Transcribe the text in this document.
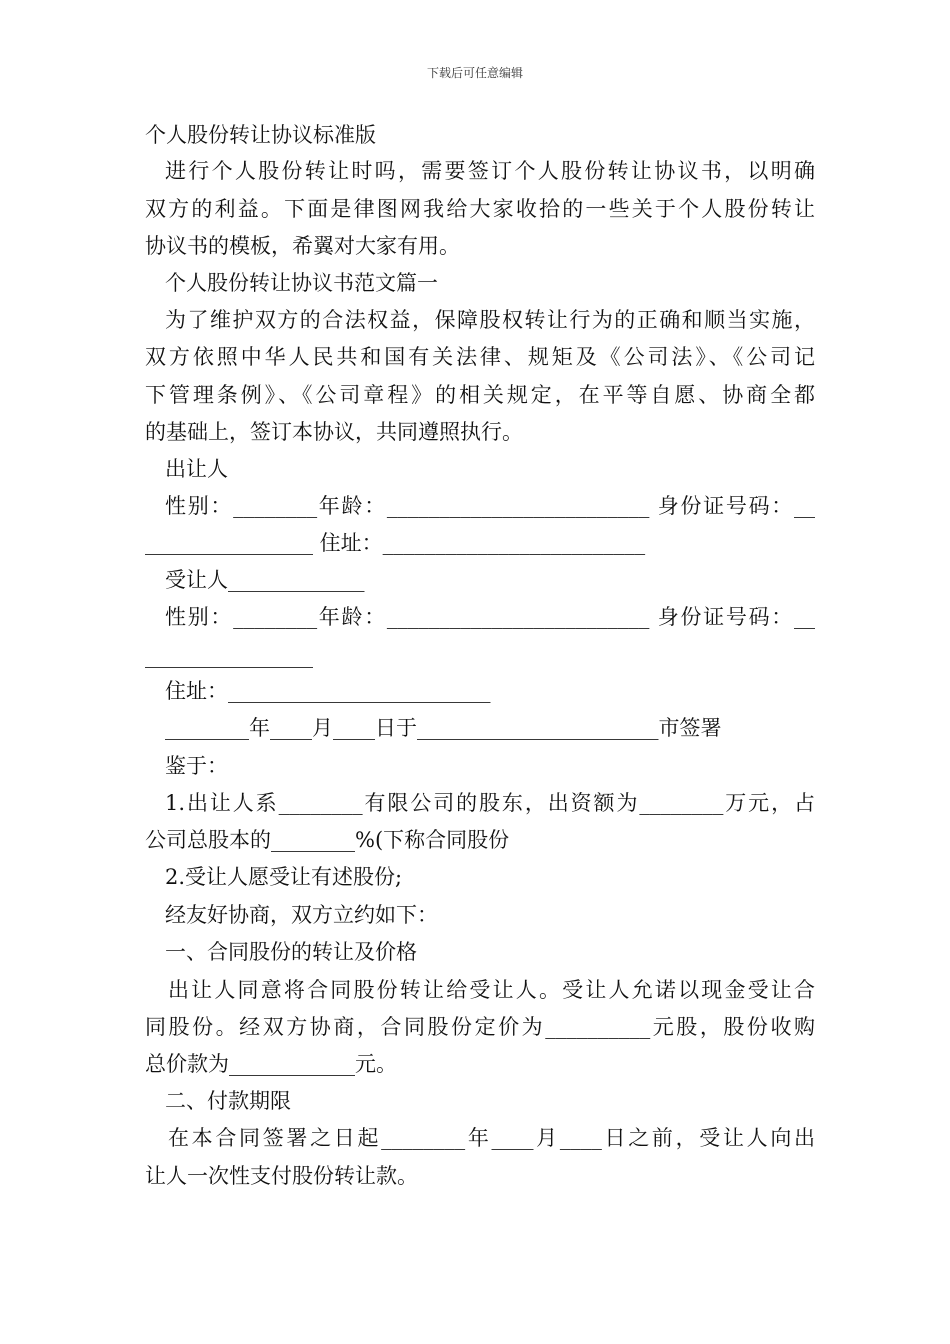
下载后可任意编辑
个人股份转让协议标准版
进行个人股份转让时吗，需要签订个人股份转让协议书，以明确
双方的利益。下面是律图网我给大家收拾的一些关于个人股份转让
协议书的模板，希翼对大家有用。
个人股份转让协议书范文篇一
为了维护双方的合法权益，保障股权转让行为的正确和顺当实施，
双方依照中华人民共和国有关法律、规矩及《公司法》、《公司记
下管理条例》、《公司章程》的相关规定，在平等自愿、协商全都
的基础上，签订本协议，共同遵照执行。
出让人
性别：________年龄：_________________________ 身份证号码：__
________________ 住址：_________________________
受让人_____________
性别：________年龄：_________________________ 身份证号码：__
________________
住址：_________________________
________年____月____日于_______________________市签署
鉴于：
1.出让人系________有限公司的股东，出资额为________万元，占
公司总股本的________%(下称合同股份
2.受让人愿受让有述股份;
经友好协商，双方立约如下：
一、合同股份的转让及价格
出让人同意将合同股份转让给受让人。受让人允诺以现金受让合
同股份。经双方协商，合同股份定价为__________元股，股份收购
总价款为____________元。
二、付款期限
在本合同签署之日起________年____月____日之前，受让人向出
让人一次性支付股份转让款。
